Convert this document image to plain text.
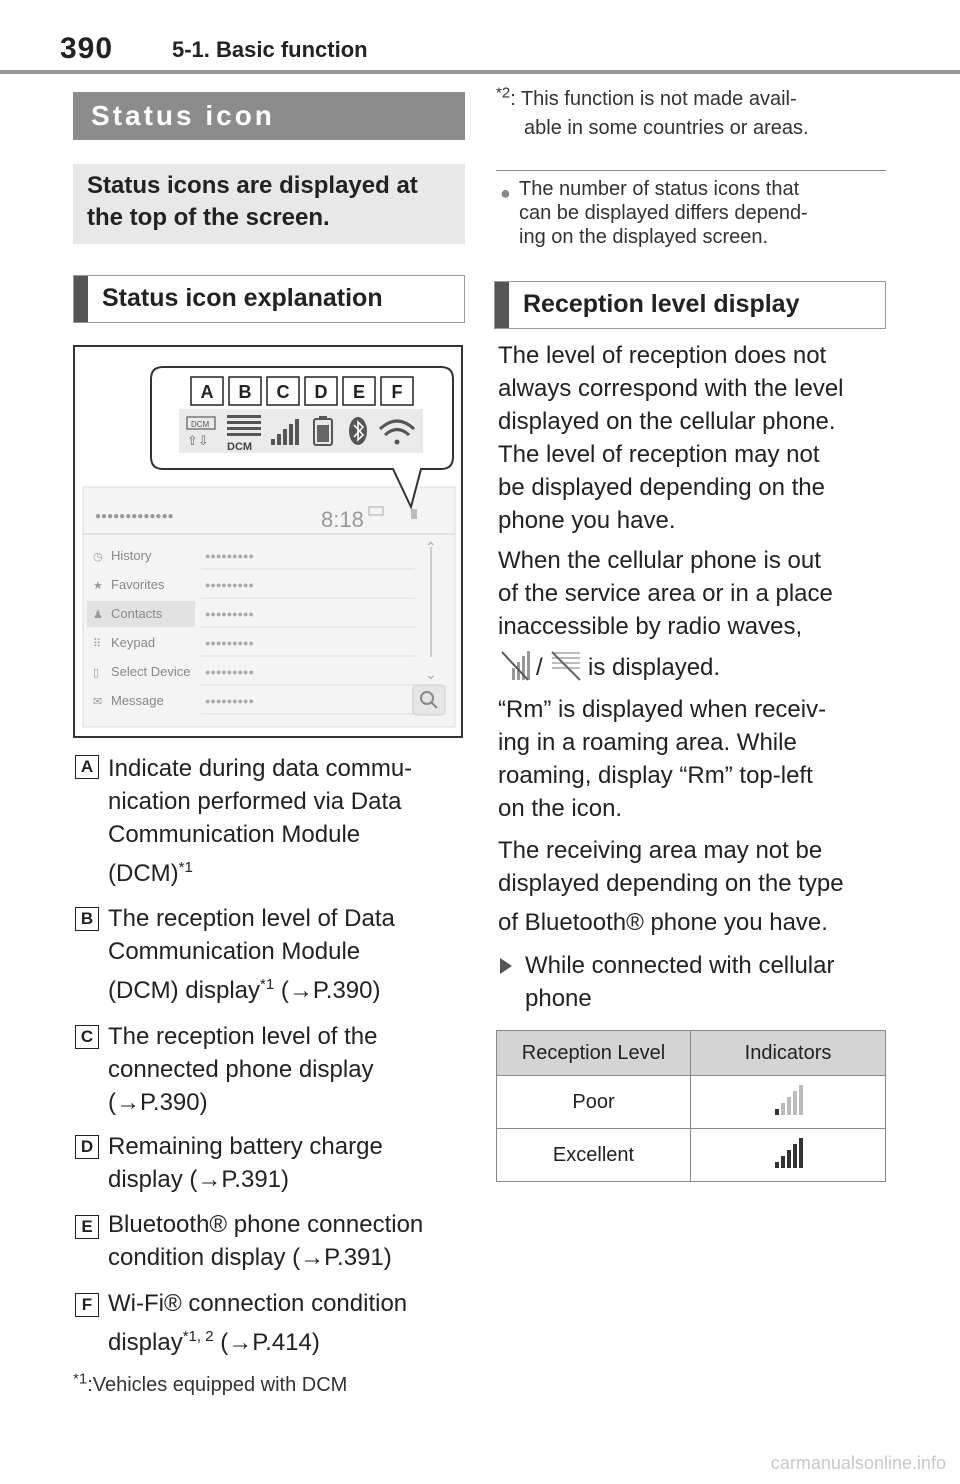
390	5-1. Basic function
Status icon
Status icons are displayed at the top of the screen.
Status icon explanation
●●●●●●●●●●●●●	8:18
◷ History	●●●●●●●●●
★ Favorites	●●●●●●●●●
♟ Contacts	●●●●●●●●●
⠿ Keypad	●●●●●●●●●
▯ Select Device ●●●●●●●●●
✉ Message	●●●●●●●●●
⌃
⌄
A B C D E F
DCM
⇧⇩ DCM
A Indicate during data commu-
nication performed via Data
Communication Module
(DCM)$^{*1}$
B The reception level of Data
Communication Module
(DCM) display$^{*1}$ (→P.390)
C The reception level of the
connected phone display
(→P.390)
D Remaining battery charge
display (→P.391)
E Bluetooth® phone connection
condition display (→P.391)
F Wi-Fi® connection condition
display$^{*1, 2}$ (→P.414)
$^{*1}$:Vehicles equipped with DCM
$^{*2}$: This function is not made avail-
able in some countries or areas.
● The number of status icons that
can be displayed differs depend-
ing on the displayed screen.
Reception level display
The level of reception does not
always correspond with the level
displayed on the cellular phone.
The level of reception may not
be displayed depending on the
phone you have.
When the cellular phone is out
of the service area or in a place
inaccessible by radio waves,
/ is displayed.
“Rm” is displayed when receiv-
ing in a roaming area. While
roaming, display “Rm” top-left
on the icon.
The receiving area may not be
displayed depending on the type
of Bluetooth® phone you have.
While connected with cellular
phone
Reception Level	Indicators
Poor	
Excellent	
carmanualsonline.info
